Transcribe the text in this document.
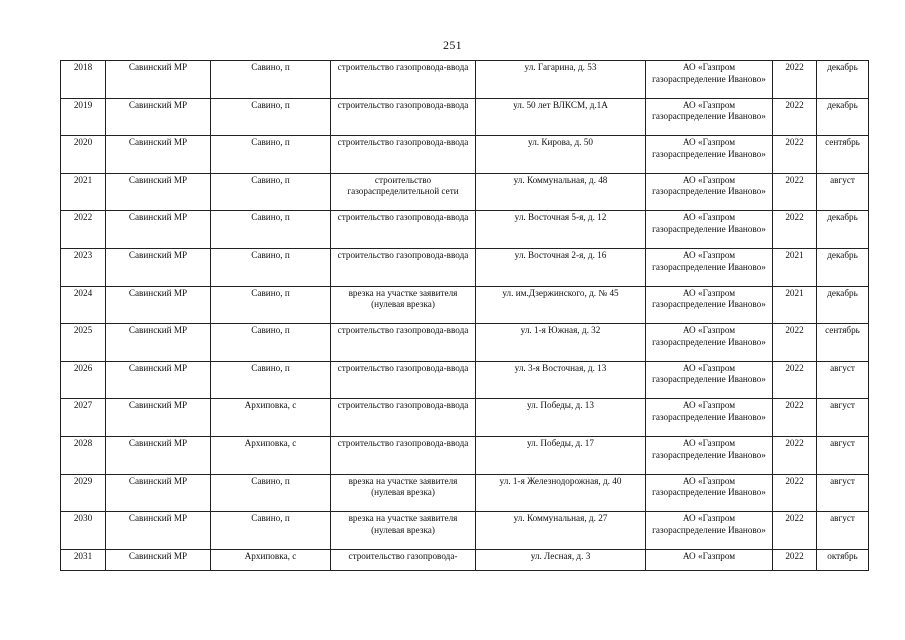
251
2018	Савинский МР	Савино, п	строительство газопровода-ввода	ул. Гагарина, д. 53	АО «Газпром газораспределение Иваново»	2022	декабрь
2019	Савинский МР	Савино, п	строительство газопровода-ввода	ул. 50 лет ВЛКСМ, д.1А	АО «Газпром газораспределение Иваново»	2022	декабрь
2020	Савинский МР	Савино, п	строительство газопровода-ввода	ул. Кирова, д. 50	АО «Газпром газораспределение Иваново»	2022	сентябрь
2021	Савинский МР	Савино, п	строительство газораспределительной сети	ул. Коммунальная, д. 48	АО «Газпром газораспределение Иваново»	2022	август
2022	Савинский МР	Савино, п	строительство газопровода-ввода	ул. Восточная 5-я, д. 12	АО «Газпром газораспределение Иваново»	2022	декабрь
2023	Савинский МР	Савино, п	строительство газопровода-ввода	ул. Восточная 2-я, д. 16	АО «Газпром газораспределение Иваново»	2021	декабрь
2024	Савинский МР	Савино, п	врезка на участке заявителя (нулевая врезка)	ул. им.Дзержинского, д. № 45	АО «Газпром газораспределение Иваново»	2021	декабрь
2025	Савинский МР	Савино, п	строительство газопровода-ввода	ул. 1-я Южная, д. 32	АО «Газпром газораспределение Иваново»	2022	сентябрь
2026	Савинский МР	Савино, п	строительство газопровода-ввода	ул. 3-я Восточная, д. 13	АО «Газпром газораспределение Иваново»	2022	август
2027	Савинский МР	Архиповка, с	строительство газопровода-ввода	ул. Победы, д. 13	АО «Газпром газораспределение Иваново»	2022	август
2028	Савинский МР	Архиповка, с	строительство газопровода-ввода	ул. Победы, д. 17	АО «Газпром газораспределение Иваново»	2022	август
2029	Савинский МР	Савино, п	врезка на участке заявителя (нулевая врезка)	ул. 1-я Железнодорожная, д. 40	АО «Газпром газораспределение Иваново»	2022	август
2030	Савинский МР	Савино, п	врезка на участке заявителя (нулевая врезка)	ул. Коммунальная, д. 27	АО «Газпром газораспределение Иваново»	2022	август
2031	Савинский МР	Архиповка, с	строительство газопровода-	ул. Лесная, д. 3	АО «Газпром	2022	октябрь
